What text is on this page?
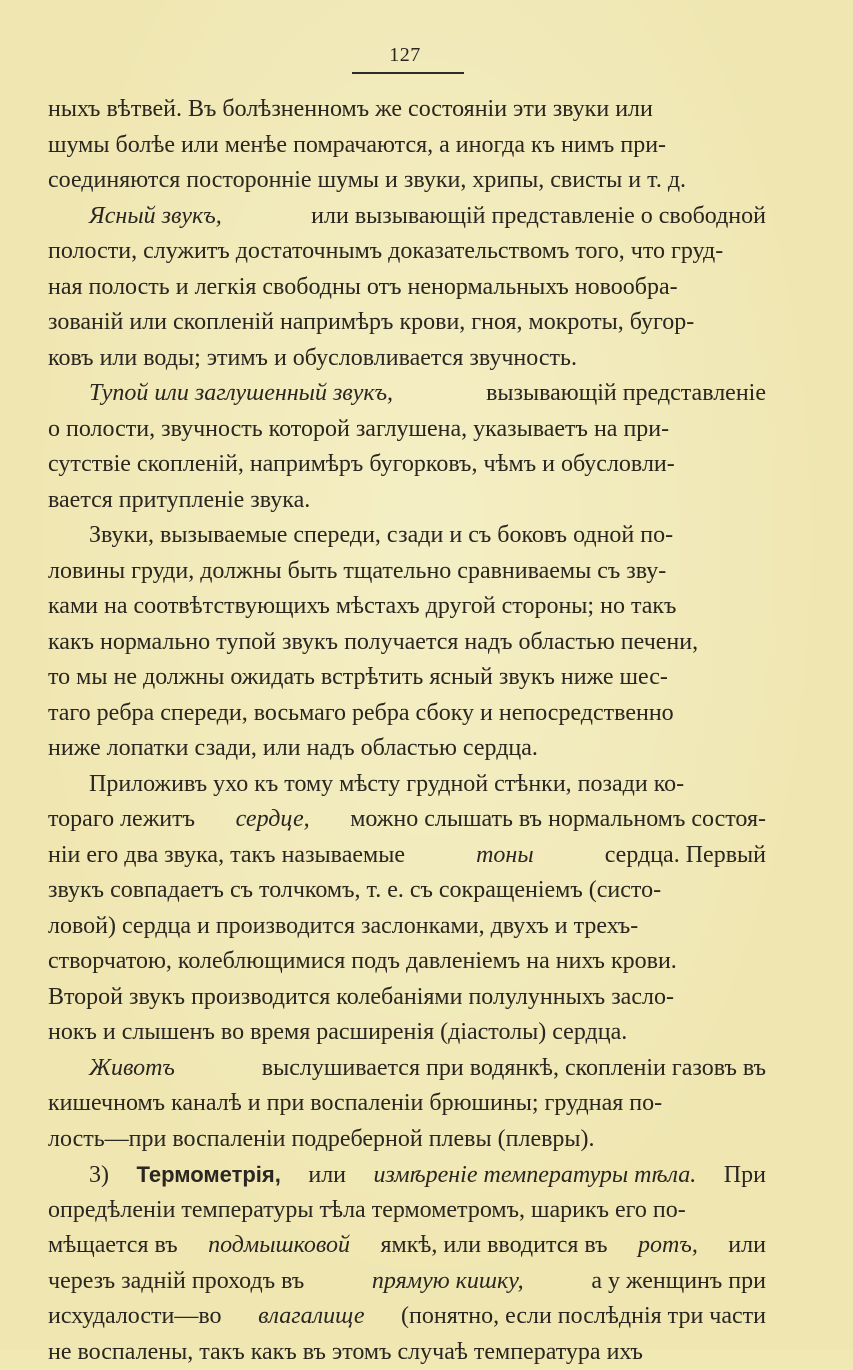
127
ныхъ вѣтвей. Въ болѣзненномъ же состоянiи эти звуки или
шумы болѣе или менѣе помрачаются, а иногда къ нимъ при-
соединяются посторонніе шумы и звуки, хрипы, свисты и т. д.
Ясный звукъ,	или вызывающій представленіе о свободной
полости, служитъ достаточнымъ доказательствомъ того, что груд-
ная полость и легкія свободны отъ ненормальныхъ новообра-
зованій или скопленій напримѣръ крови, гноя, мокроты, бугор-
ковъ или воды; этимъ и обусловливается звучность.
Тупой или заглушенный звукъ,	вызывающій представленіе
о полости, звучность которой заглушена, указываетъ на при-
сутствіе скопленій, напримѣръ бугорковъ, чѣмъ и обусловли-
вается притупленіе звука.
Звуки, вызываемые спереди, сзади и съ боковъ одной по-
ловины груди, должны быть тщательно сравниваемы съ зву-
ками на соотвѣтствующихъ мѣстахъ другой стороны; но такъ
какъ нормально тупой звукъ получается надъ областью печени,
то мы не должны ожидать встрѣтить ясный звукъ ниже шес-
таго ребра спереди, восьмаго ребра сбоку и непосредственно
ниже лопатки сзади, или надъ областью сердца.
Приложивъ ухо къ тому мѣсту грудной стѣнки, позади ко-
тораго лежитъ сердце, можно слышать въ нормальномъ состоя-
ніи его два звука, такъ называемые	тоны	сердца. Первый
звукъ совпадаетъ съ толчкомъ, т. е. съ сокращеніемъ (систо-
ловой) сердца и производится заслонками, двухъ и трехъ-
створчатою, колеблющимися подъ давленіемъ на нихъ крови.
Второй звукъ производится колебаніями полулунныхъ засло-
нокъ и слышенъ во время расширенія (діастолы) сердца.
Животъ	выслушивается при водянкѣ, скопленіи газовъ въ
кишечномъ каналѣ и при воспаленіи брюшины; грудная по-
лость—при воспаленіи подреберной плевы (плевры).
3) Термометрія, или измѣреніе температуры тѣла. При
опредѣленіи температуры тѣла термометромъ, шарикъ его по-
мѣщается въ подмышковой ямкѣ, или вводится въ ротъ, или
черезъ задній проходъ въ	прямую кишку,	а у женщинъ при
исхудалости—во влагалище (понятно, если послѣднія три части
не воспалены, такъ какъ въ этомъ случаѣ температура ихъ
